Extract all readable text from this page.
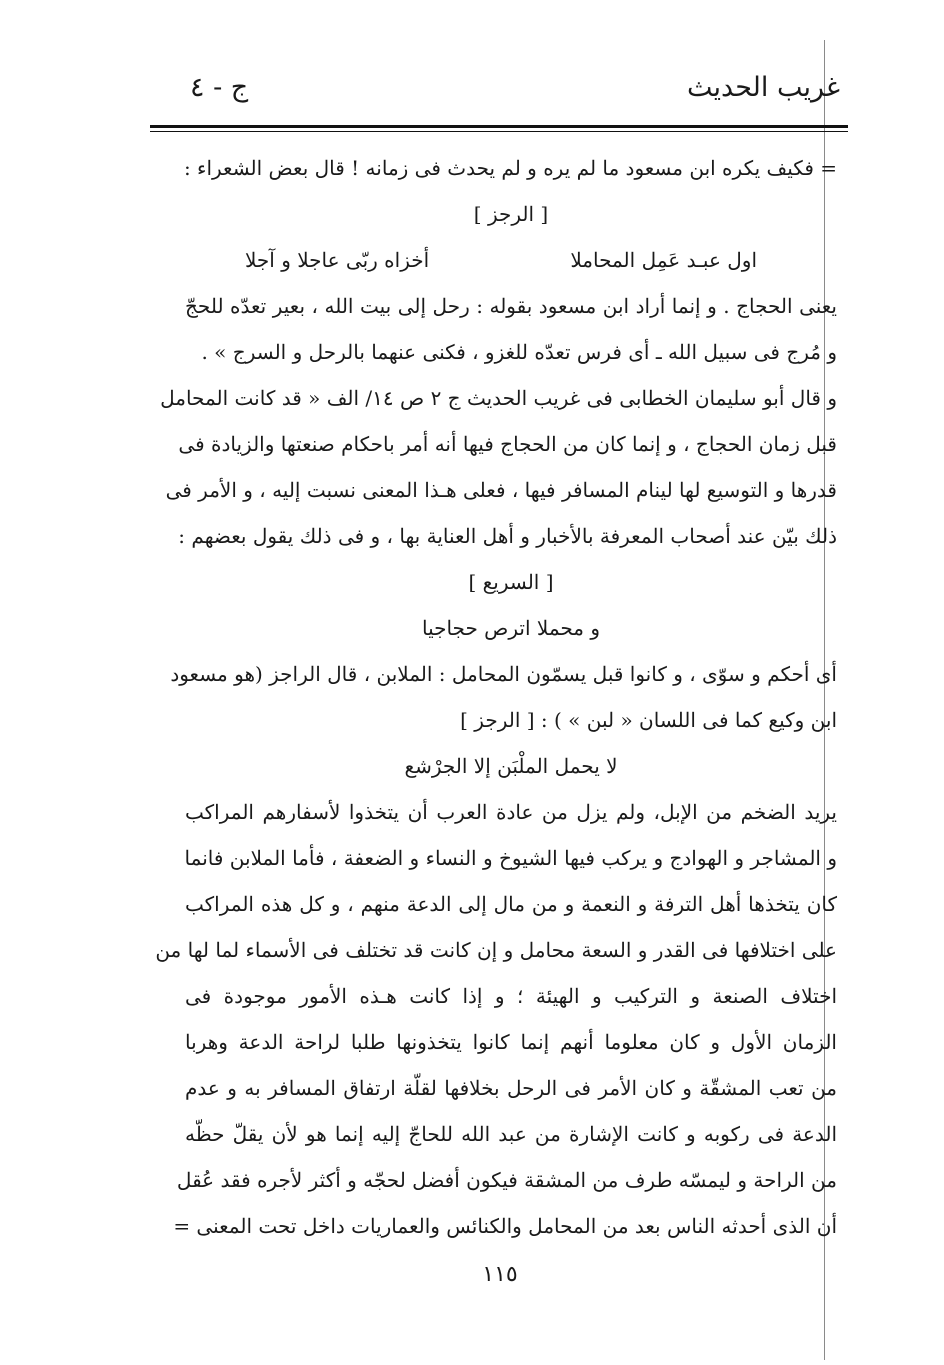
غريب الحديث
ج - ٤
= فكيف يكره ابن مسعود ما لم يره و لم يحدث فى زمانه ! قال بعض الشعراء :
[ الرجز ]
اول عبـد عَمِل المحاملا
أخزاه ربّى عاجلا و آجلا
يعنى الحجاج . و إنما أراد ابن مسعود بقوله : رحل إلى بيت الله ، بعير تعدّه للحجّ
و مُرج فى سبيل الله ـ أى فرس تعدّه للغزو ، فكنى عنهما بالرحل و السرج » .
و قال أبو سليمان الخطابى فى غريب الحديث ج ٢ ص ١٤/ الف « قد كانت المحامل
قبل زمان الحجاج ، و إنما كان من الحجاج فيها أنه أمر باحكام صنعتها والزيادة فى
قدرها و التوسيع لها لينام المسافر فيها ، فعلى هـذا المعنى نسبت إليه ، و الأمر فى
ذلك بيّن عند أصحاب المعرفة بالأخبار و أهل العناية بها ، و فى ذلك يقول بعضهم :
[ السريع ]
و محملا اترص حجاجيا
أى أحكم و سوّى ، و كانوا قبل يسمّون المحامل : الملابن ، قال الراجز (هو مسعود
ابن وكيع كما فى اللسان « لبن » ) : [ الرجز ]
لا يحمل الملْبَن إلا الجرْشع
يريد الضخم من الإبل، ولم يزل من عادة العرب أن يتخذوا لأسفارهم المراكب
و المشاجر و الهوادج و يركب فيها الشيوخ و النساء و الضعفة ، فأما الملابن فانما
كان يتخذها أهل الترفة و النعمة و من مال إلى الدعة منهم ، و كل هذه المراكب
على اختلافها فى القدر و السعة محامل و إن كانت قد تختلف فى الأسماء لما لها من
اختلاف الصنعة و التركيب و الهيئة ؛ و إذا كانت هـذه الأمور موجودة فى
الزمان الأول و كان معلوما أنهم إنما كانوا يتخذونها طلبا لراحة الدعة وهربا
من تعب المشقّة و كان الأمر فى الرحل بخلافها لقلّة ارتفاق المسافر به و عدم
الدعة فى ركوبه و كانت الإشارة من عبد الله للحاجّ إليه إنما هو لأن يقلّ حظّه
من الراحة و ليمسّه طرف من المشقة فيكون أفضل لحجّه و أكثر لأجره فقد عُقل
أن الذى أحدثه الناس بعد من المحامل والكنائس والعماريات داخل تحت المعنى =
١١٥
